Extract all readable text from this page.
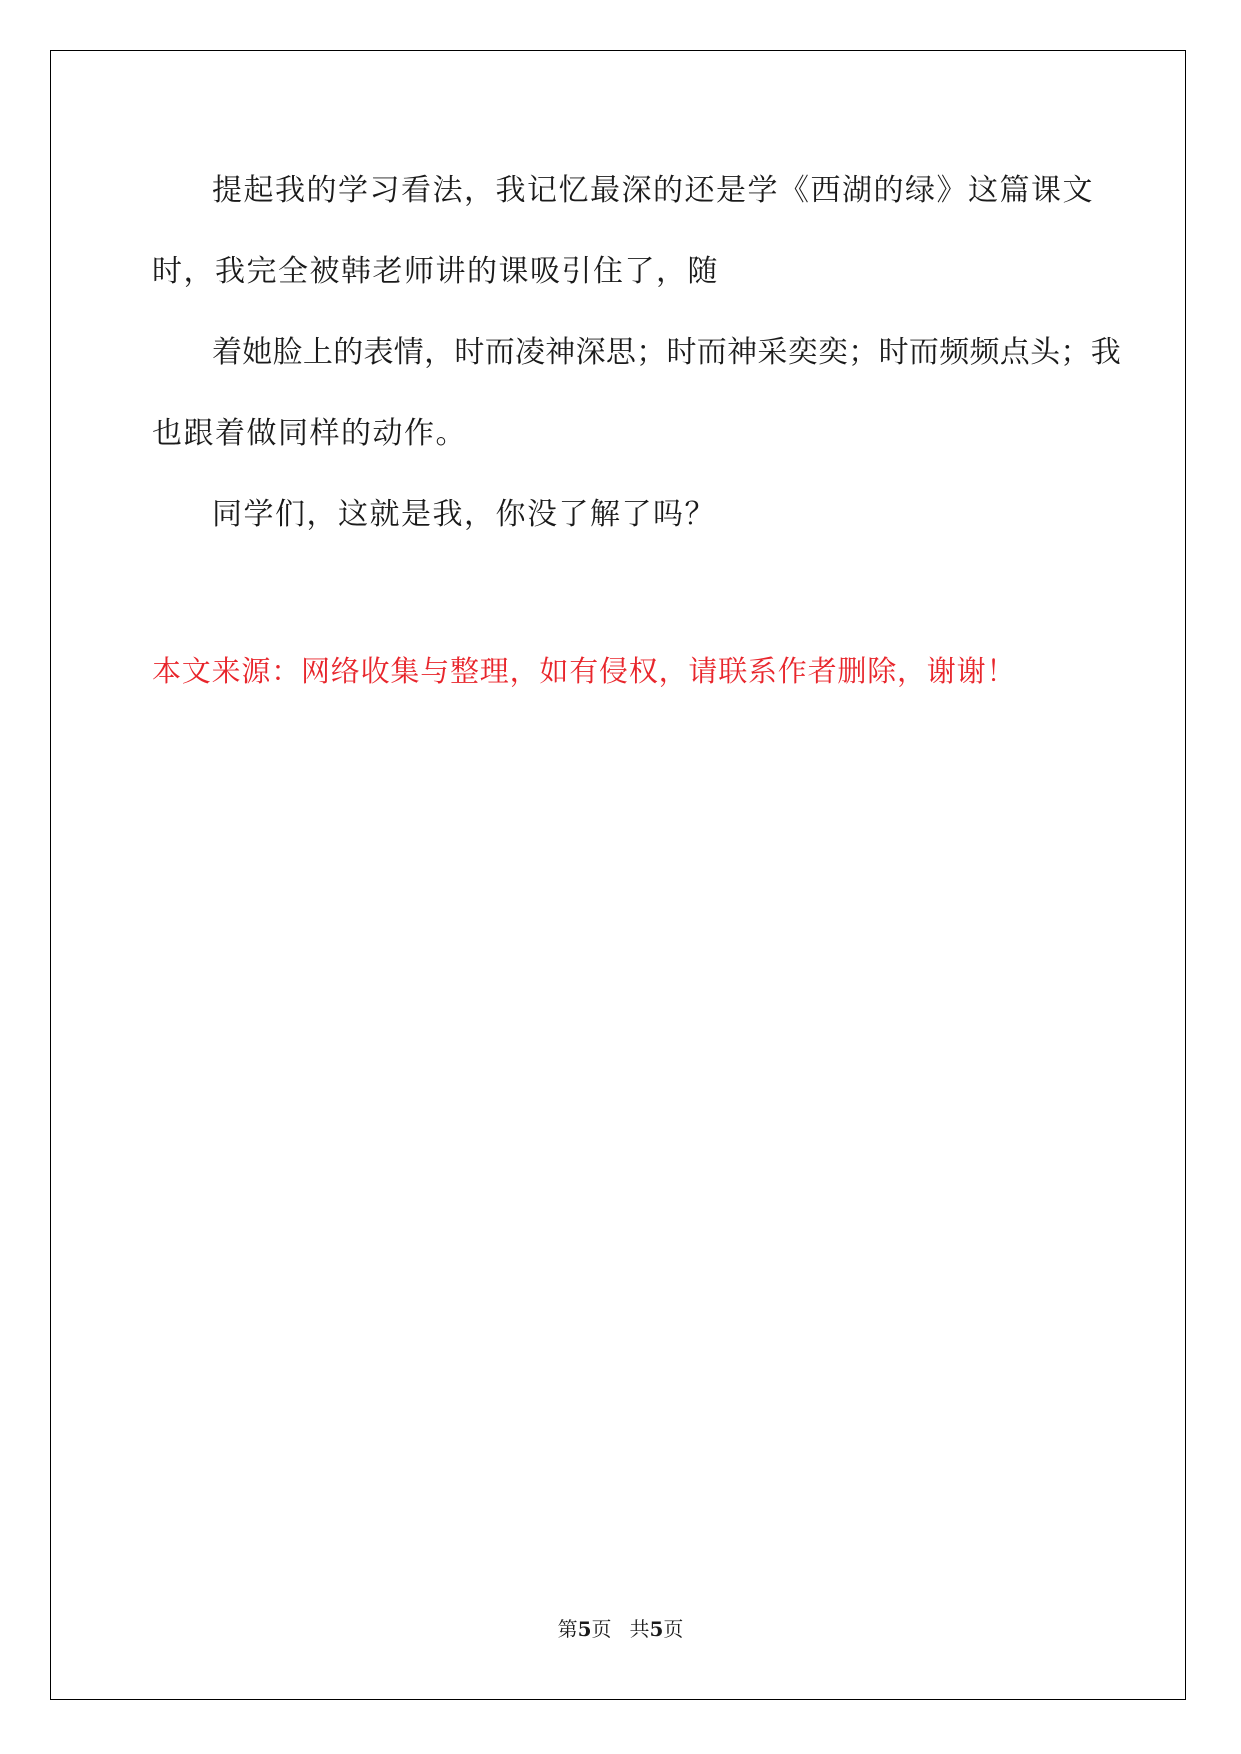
提起我的学习看法，我记忆最深的还是学《西湖的绿》这篇课文
时，我完全被韩老师讲的课吸引住了，随
着她脸上的表情，时而凌神深思；时而神采奕奕；时而频频点头；我
也跟着做同样的动作。
同学们，这就是我，你没了解了吗？
本文来源：网络收集与整理，如有侵权，请联系作者删除，谢谢！
第5页 共5页
